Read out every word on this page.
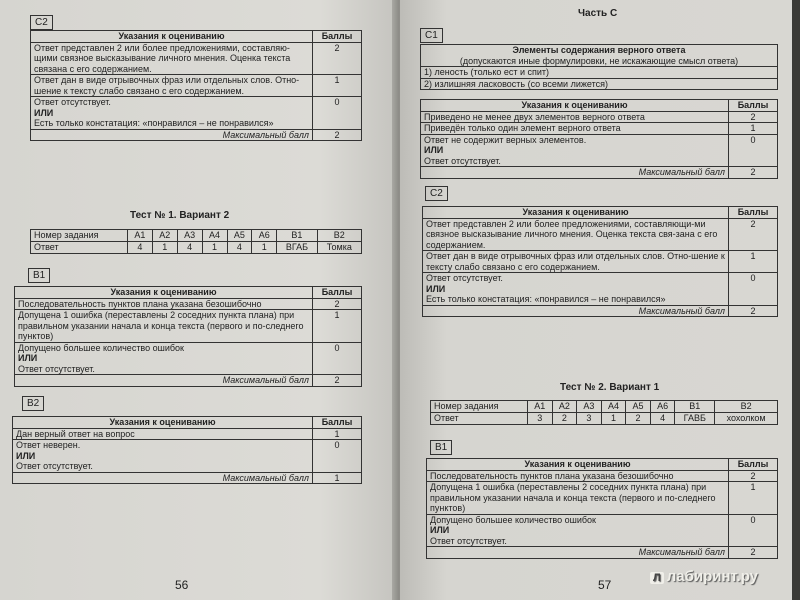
С2
Указания к оцениванию	Баллы
Ответ представлен 2 или более предложениями, составляю-щими связное высказывание личного мнения. Оценка текста связана с его содержанием.	2
Ответ дан в виде отрывочных фраз или отдельных слов. Отно-шение к тексту слабо связано с его содержанием.	1
Ответ отсутствует.
ИЛИ
Есть только констатация: «понравился – не понравился»	0
Максимальный балл	2
Тест № 1. Вариант 2
Номер задания	А1	А2	А3	А4	А5	А6	В1	В2
Ответ	4	1	4	1	4	1	ВГАБ	Томка
В1
Указания к оцениванию	Баллы
Последовательность пунктов плана указана безошибочно	2
Допущена 1 ошибка (переставлены 2 соседних пункта плана) при правильном указании начала и конца текста (первого и по-следнего пунктов)	1
Допущено большее количество ошибок
ИЛИ
Ответ отсутствует.	0
Максимальный балл	2
В2
Указания к оцениванию	Баллы
Дан верный ответ на вопрос	1
Ответ неверен.
ИЛИ
Ответ отсутствует.	0
Максимальный балл	1
56
Часть С
С1
Элементы содержания верного ответа
(допускаются иные формулировки, не искажающие смысл ответа)
1) леность (только ест и спит)
2) излишняя ласковость (со всеми лижется)
Указания к оцениванию	Баллы
Приведено не менее двух элементов верного ответа	2
Приведён только один элемент верного ответа	1
Ответ не содержит верных элементов.
ИЛИ
Ответ отсутствует.	0
Максимальный балл	2
С2
Указания к оцениванию	Баллы
Ответ представлен 2 или более предложениями, составляющи-ми связное высказывание личного мнения. Оценка текста свя-зана с его содержанием.	2
Ответ дан в виде отрывочных фраз или отдельных слов. Отно-шение к тексту слабо связано с его содержанием.	1
Ответ отсутствует.
ИЛИ
Есть только констатация: «понравился – не понравился»	0
Максимальный балл	2
Тест № 2. Вариант 1
Номер задания	А1	А2	А3	А4	А5	А6	В1	В2
Ответ	3	2	3	1	2	4	ГАВБ	хохолком
В1
Указания к оцениванию	Баллы
Последовательность пунктов плана указана безошибочно	2
Допущена 1 ошибка (переставлены 2 соседних пункта плана) при правильном указании начала и конца текста (первого и по-следнего пунктов)	1
Допущено большее количество ошибок
ИЛИ
Ответ отсутствует.	0
Максимальный балл	2
57	Л лабиринт.ру
